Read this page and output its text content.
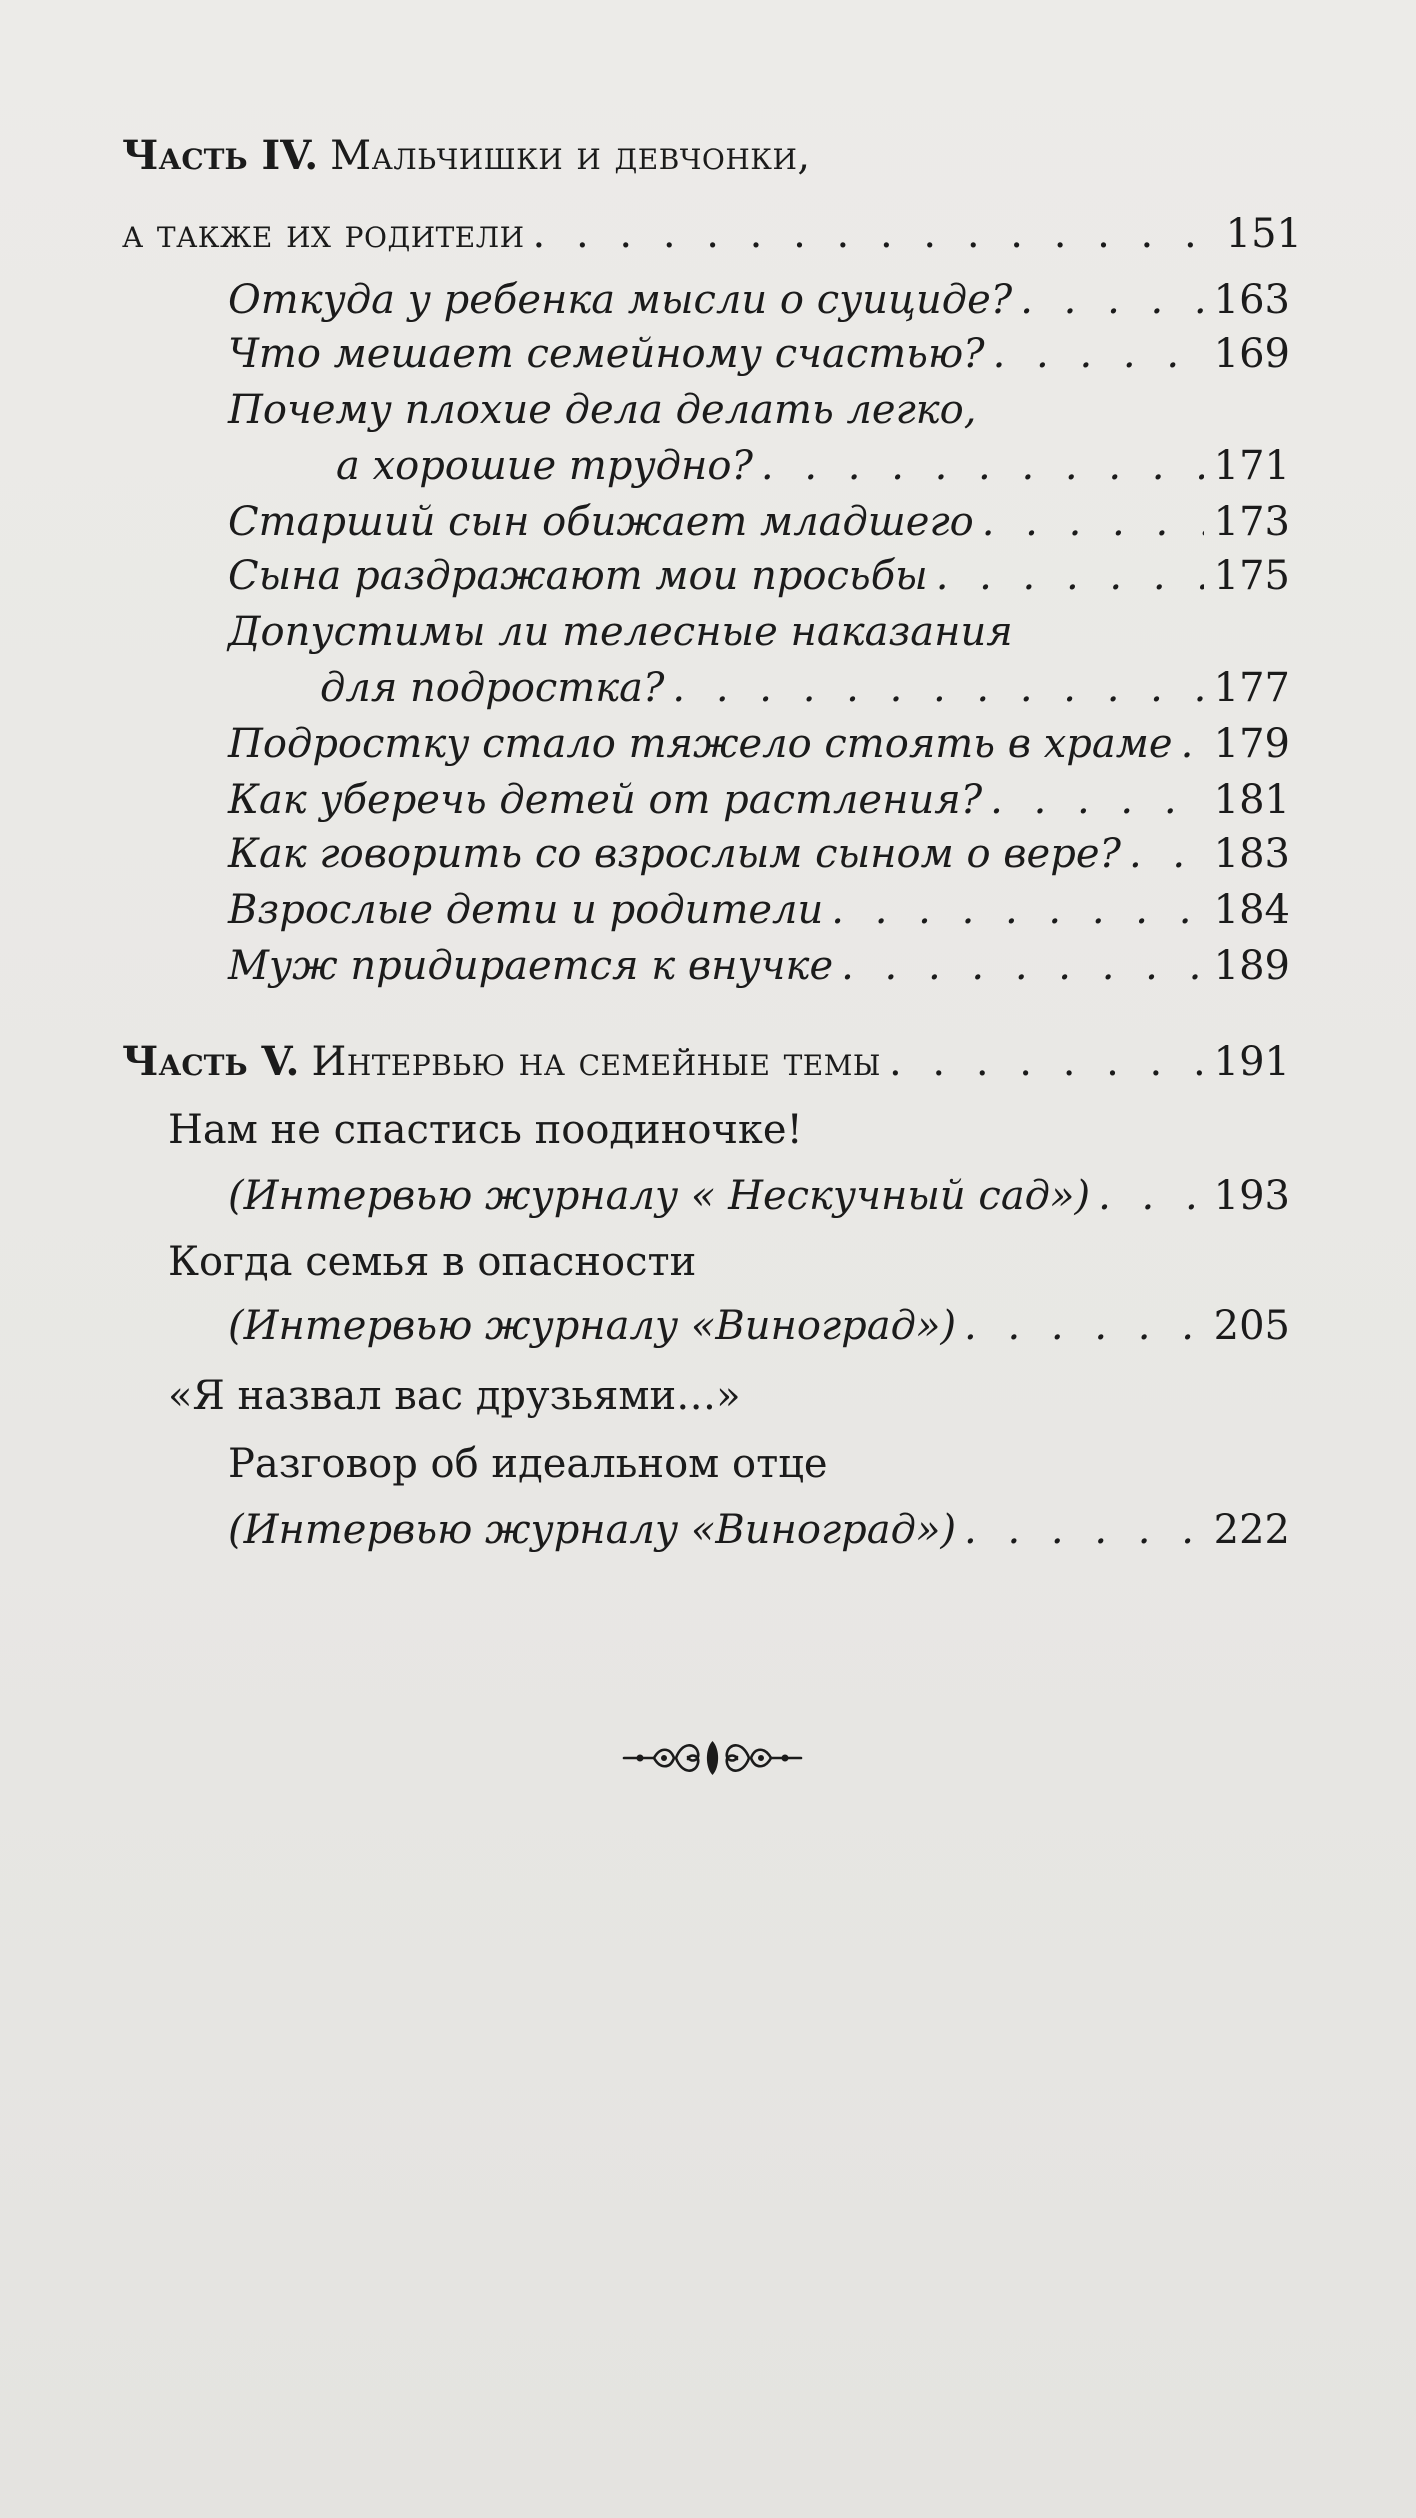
Часть IV. Мальчишки и девчонки,
а также их родители . . .	151
Откуда у ребенка мысли о суициде? . . .	163
Что мешает семейному счастью? . . .	169
Почему плохие дела делать легко,
а хорошие трудно? . . .	171
Старший сын обижает младшего . . .	173
Сына раздражают мои просьбы . . .	175
Допустимы ли телесные наказания
для подростка? . . .	177
Подростку стало тяжело стоять в храме . . . 179
Как уберечь детей от растления? . . .	181
Как говорить со взрослым сыном о вере? . . . 183
Взрослые дети и родители . . .	184
Муж придирается к внучке . . .	189
Часть V. Интервью на семейные темы . . .	191
Нам не спастись поодиночке!
(Интервью журналу « Нескучный сад») . . .	193
Когда семья в опасности
(Интервью журналу «Виноград») . . .	205
«Я назвал вас друзьями…»
Разговор об идеальном отце
(Интервью журналу «Виноград») . . .	222
